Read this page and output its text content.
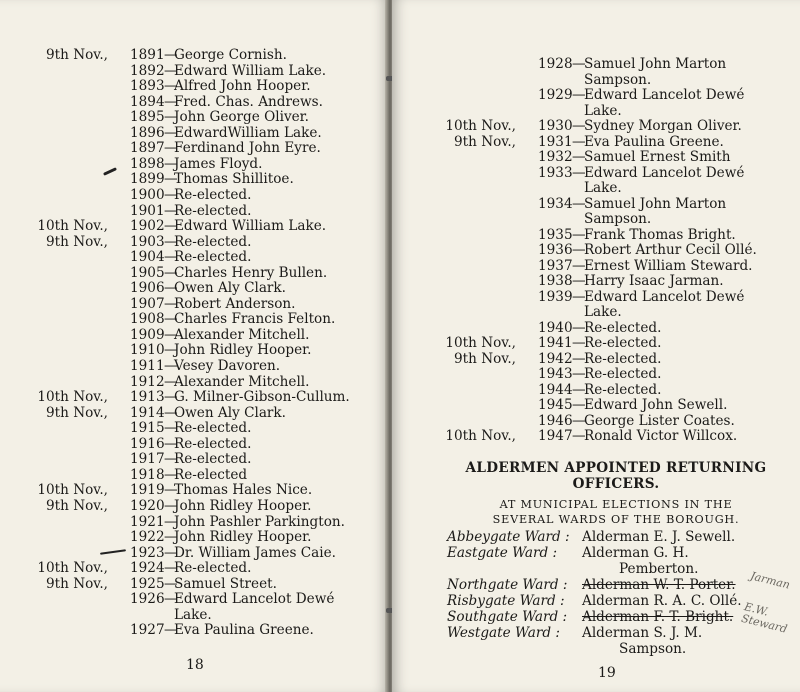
9th Nov., 1891 George Cornish.
—
1892 Edward William Lake.
—
1893 Alfred John Hooper.
—
1894 Fred. Chas. Andrews.
—
1895 John George Oliver.
—
1896 EdwardWilliam Lake.
—
1897 Ferdinand John Eyre.
—
1898 James Floyd.
—
1899 Thomas Shillitoe.
—
1900 Re-elected.
—
1901 Re-elected.
—
10th Nov., 1902 Edward William Lake.
—
9th Nov., 1903 Re-elected.
—
1904 Re-elected.
—
1905 Charles Henry Bullen.
—
1906 Owen Aly Clark.
—
1907 Robert Anderson.
—
1908 Charles Francis Felton.
—
1909 Alexander Mitchell.
—
1910 John Ridley Hooper.
—
1911 Vesey Davoren.
—
1912 Alexander Mitchell.
—
10th Nov., 1913 G. Milner-Gibson-Cullum.
—
9th Nov., 1914 Owen Aly Clark.
—
1915 Re-elected.
—
1916 Re-elected.
—
1917 Re-elected.
—
1918 Re-elected
—
10th Nov., 1919 Thomas Hales Nice.
—
9th Nov., 1920 John Ridley Hooper.
—
1921 John Pashler Parkington.
—
1922 John Ridley Hooper.
—
1923 Dr. William James Caie.
—
10th Nov., 1924 Re-elected.
—
9th Nov., 1925 Samuel Street.
—
1926 Edward Lancelot Dewé
—
Lake.
1927 Eva Paulina Greene.
—
18
1928 Samuel John Marton
—
Sampson.
1929 Edward Lancelot Dewé
—
Lake.
10th Nov., 1930 Sydney Morgan Oliver.
—
9th Nov., 1931 Eva Paulina Greene.
—
1932 Samuel Ernest Smith
—
1933 Edward Lancelot Dewé
—
Lake.
1934 Samuel John Marton
—
Sampson.
1935 Frank Thomas Bright.
—
1936 Robert Arthur Cecil Ollé.
—
1937 Ernest William Steward.
—
1938 Harry Isaac Jarman.
—
1939 Edward Lancelot Dewé
—
Lake.
1940 Re-elected.
—
10th Nov., 1941 Re-elected.
—
9th Nov., 1942 Re-elected.
—
1943 Re-elected.
—
1944 Re-elected.
—
1945 Edward John Sewell.
—
1946 George Lister Coates.
—
10th Nov., 1947 Ronald Victor Willcox.
—
ALDERMEN APPOINTED RETURNING
OFFICERS.
AT MUNICIPAL ELECTIONS IN THE
SEVERAL WARDS OF THE BOROUGH.
Abbeygate Ward : Alderman E. J. Sewell.
Eastgate Ward : Alderman G. H.
Pemberton.
Northgate Ward : Alderman W. T. Porter.
Risbygate Ward : Alderman R. A. C. Ollé.
Southgate Ward : Alderman F. T. Bright.
Westgate Ward : Alderman S. J. M.
Sampson.
Jarman
E.W. Steward
19
